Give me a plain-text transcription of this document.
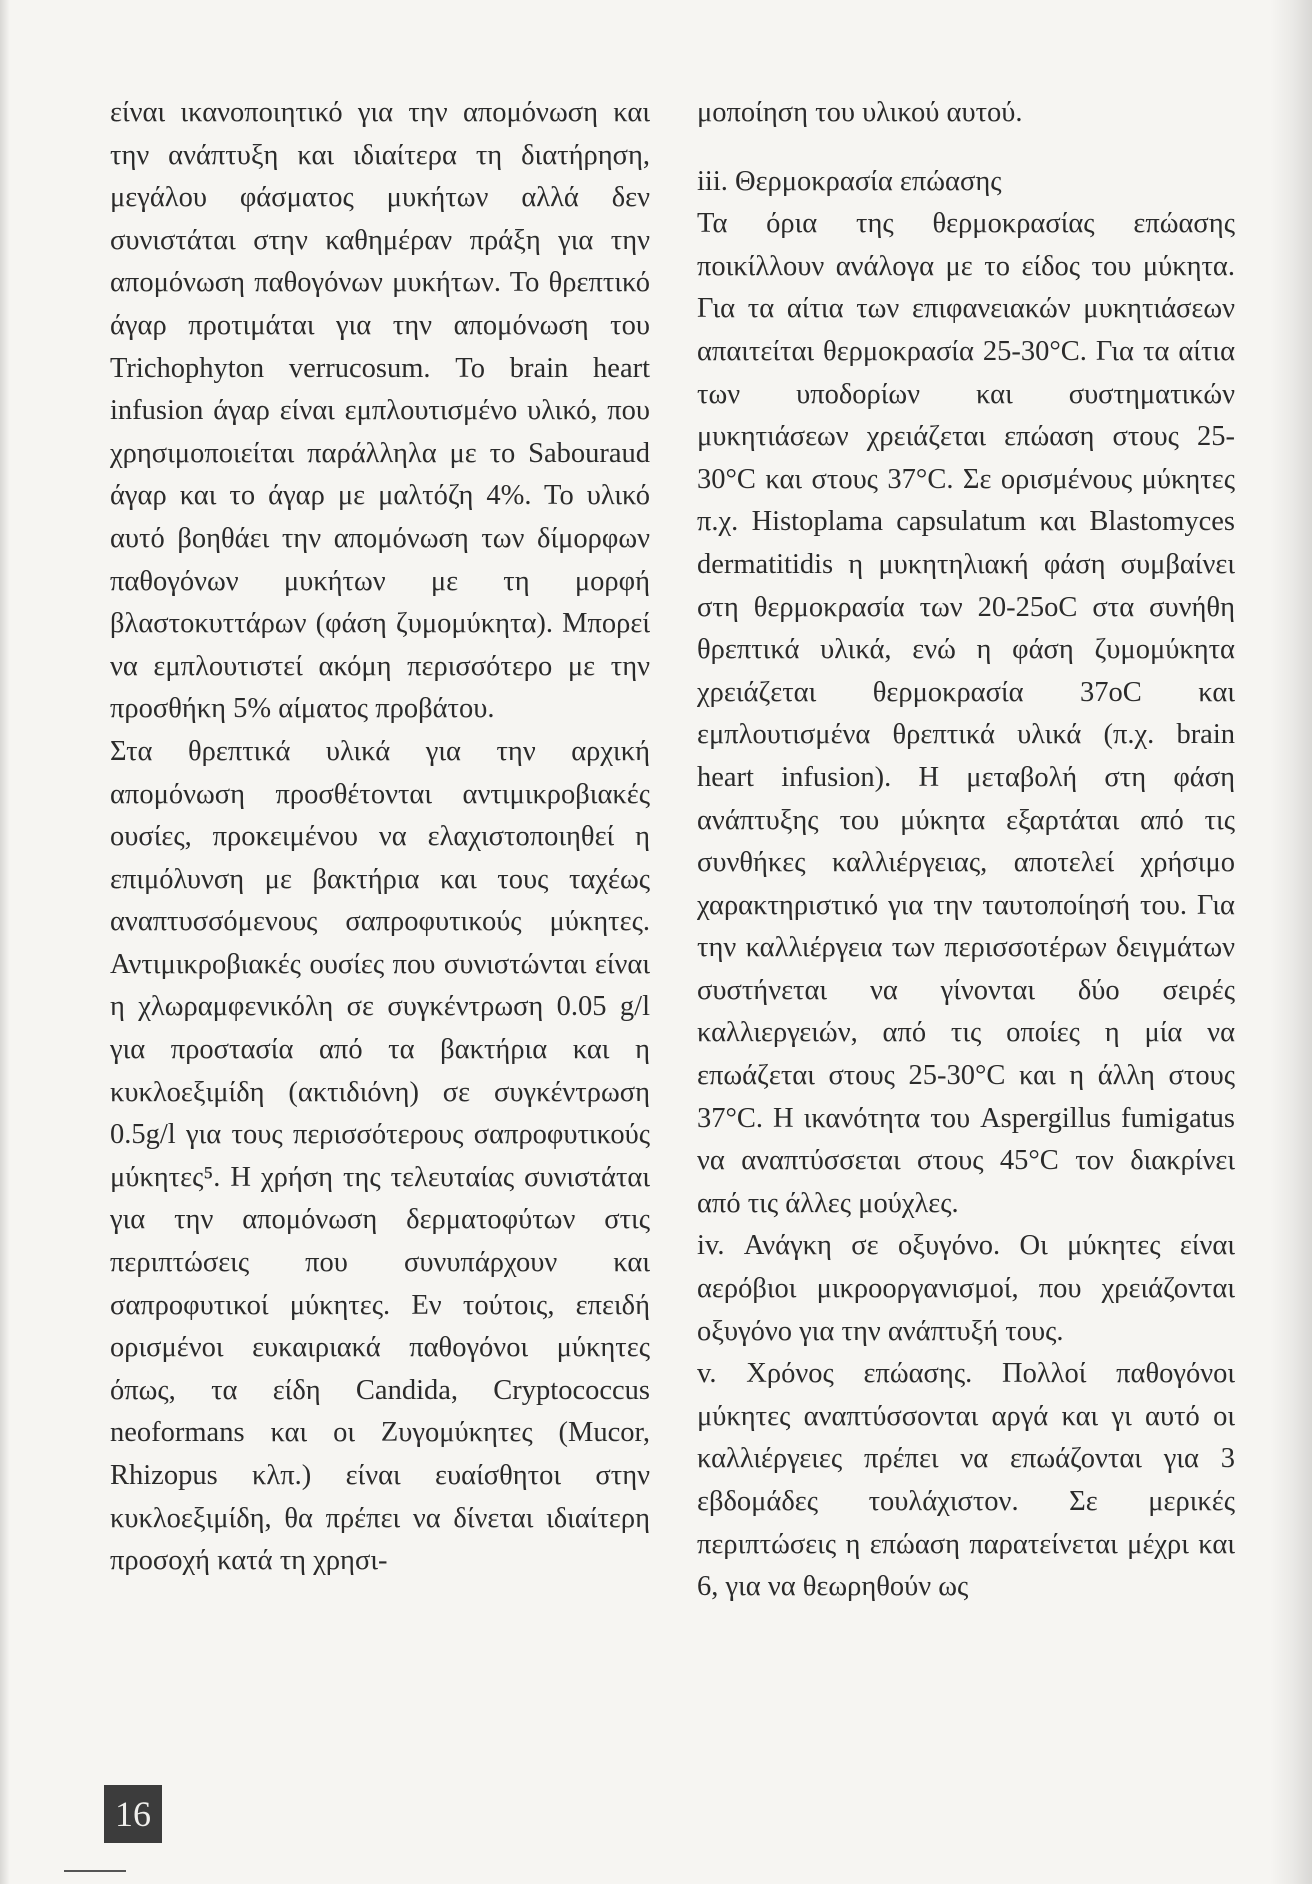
είναι ικανοποιητικό για την απομόνωση και την ανάπτυξη και ιδιαίτερα τη διατήρηση, μεγάλου φάσματος μυκήτων αλλά δεν συνιστάται στην καθημέραν πράξη για την απομόνωση παθογόνων μυκήτων. Το θρεπτικό άγαρ προτιμάται για την απομόνωση του Trichophyton verrucosum. Το brain heart infusion άγαρ είναι εμπλουτισμένο υλικό, που χρησιμοποιείται παράλληλα με το Sabouraud άγαρ και το άγαρ με μαλτόζη 4%. Το υλικό αυτό βοηθάει την απομόνωση των δίμορφων παθογόνων μυκήτων με τη μορφή βλαστοκυττάρων (φάση ζυμομύκητα). Μπορεί να εμπλουτιστεί ακόμη περισσότερο με την προσθήκη 5% αίματος προβάτου.

Στα θρεπτικά υλικά για την αρχική απομόνωση προσθέτονται αντιμικροβιακές ουσίες, προκειμένου να ελαχιστοποιηθεί η επιμόλυνση με βακτήρια και τους ταχέως αναπτυσσόμενους σαπροφυτικούς μύκητες. Αντιμικροβιακές ουσίες που συνιστώνται είναι η χλωραμφενικόλη σε συγκέντρωση 0.05 g/l για προστασία από τα βακτήρια και η κυκλοεξιμίδη (ακτιδιόνη) σε συγκέντρωση 0.5g/l για τους περισσότερους σαπροφυτικούς μύκητες⁵. Η χρήση της τελευταίας συνιστάται για την απομόνωση δερματοφύτων στις περιπτώσεις που συνυπάρχουν και σαπροφυτικοί μύκητες. Εν τούτοις, επειδή ορισμένοι ευκαιριακά παθογόνοι μύκητες όπως, τα είδη Candida, Cryptococcus neoformans και οι Ζυγομύκητες (Mucor, Rhizopus κλπ.) είναι ευαίσθητοι στην κυκλοεξιμίδη, θα πρέπει να δίνεται ιδιαίτερη προσοχή κατά τη χρησι-

μοποίηση του υλικού αυτού.

iii. Θερμοκρασία επώασης

Τα όρια της θερμοκρασίας επώασης ποικίλλουν ανάλογα με το είδος του μύκητα. Για τα αίτια των επιφανειακών μυκητιάσεων απαιτείται θερμοκρασία 25-30°C. Για τα αίτια των υποδορίων και συστηματικών μυκητιάσεων χρειάζεται επώαση στους 25-30°C και στους 37°C. Σε ορισμένους μύκητες π.χ. Histoplama capsulatum και Blastomyces dermatitidis η μυκητηλιακή φάση συμβαίνει στη θερμοκρασία των 20-25oC στα συνήθη θρεπτικά υλικά, ενώ η φάση ζυμομύκητα χρειάζεται θερμοκρασία 37oC και εμπλουτισμένα θρεπτικά υλικά (π.χ. brain heart infusion). Η μεταβολή στη φάση ανάπτυξης του μύκητα εξαρτάται από τις συνθήκες καλλιέργειας, αποτελεί χρήσιμο χαρακτηριστικό για την ταυτοποίησή του. Για την καλλιέργεια των περισσοτέρων δειγμάτων συστήνεται να γίνονται δύο σειρές καλλιεργειών, από τις οποίες η μία να επωάζεται στους 25-30°C και η άλλη στους 37°C. Η ικανότητα του Aspergillus fumigatus να αναπτύσσεται στους 45°C τον διακρίνει από τις άλλες μούχλες.

iv. Ανάγκη σε οξυγόνο. Οι μύκητες είναι αερόβιοι μικροοργανισμοί, που χρειάζονται οξυγόνο για την ανάπτυξή τους.

v. Χρόνος επώασης. Πολλοί παθογόνοι μύκητες αναπτύσσονται αργά και γι αυτό οι καλλιέργειες πρέπει να επωάζονται για 3 εβδομάδες τουλάχιστον. Σε μερικές περιπτώσεις η επώαση παρατείνεται μέχρι και 6, για να θεωρηθούν ως

16
